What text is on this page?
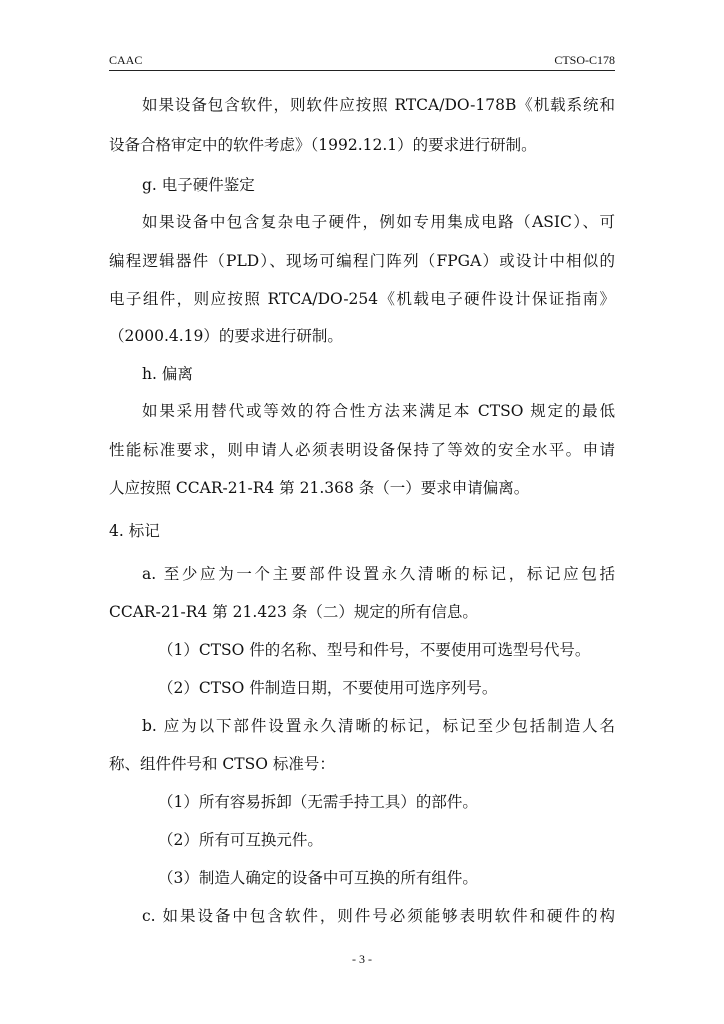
CAAC	CTSO-C178
如果设备包含软件，则软件应按照 RTCA/DO-178B《机载系统和
设备合格审定中的软件考虑》（1992.12.1）的要求进行研制。
g. 电子硬件鉴定
如果设备中包含复杂电子硬件，例如专用集成电路（ASIC）、可
编程逻辑器件（PLD）、现场可编程门阵列（FPGA）或设计中相似的
电子组件，则应按照 RTCA/DO-254《机载电子硬件设计保证指南》
（2000.4.19）的要求进行研制。
h. 偏离
如果采用替代或等效的符合性方法来满足本 CTSO 规定的最低
性能标准要求，则申请人必须表明设备保持了等效的安全水平。申请
人应按照 CCAR-21-R4 第 21.368 条（一）要求申请偏离。
4. 标记
a. 至少应为一个主要部件设置永久清晰的标记，标记应包括
CCAR-21-R4 第 21.423 条（二）规定的所有信息。
（1）CTSO 件的名称、型号和件号，不要使用可选型号代号。
（2）CTSO 件制造日期，不要使用可选序列号。
b. 应为以下部件设置永久清晰的标记，标记至少包括制造人名
称、组件件号和 CTSO 标准号：
（1）所有容易拆卸（无需手持工具）的部件。
（2）所有可互换元件。
（3）制造人确定的设备中可互换的所有组件。
c. 如果设备中包含软件，则件号必须能够表明软件和硬件的构
- 3 -
